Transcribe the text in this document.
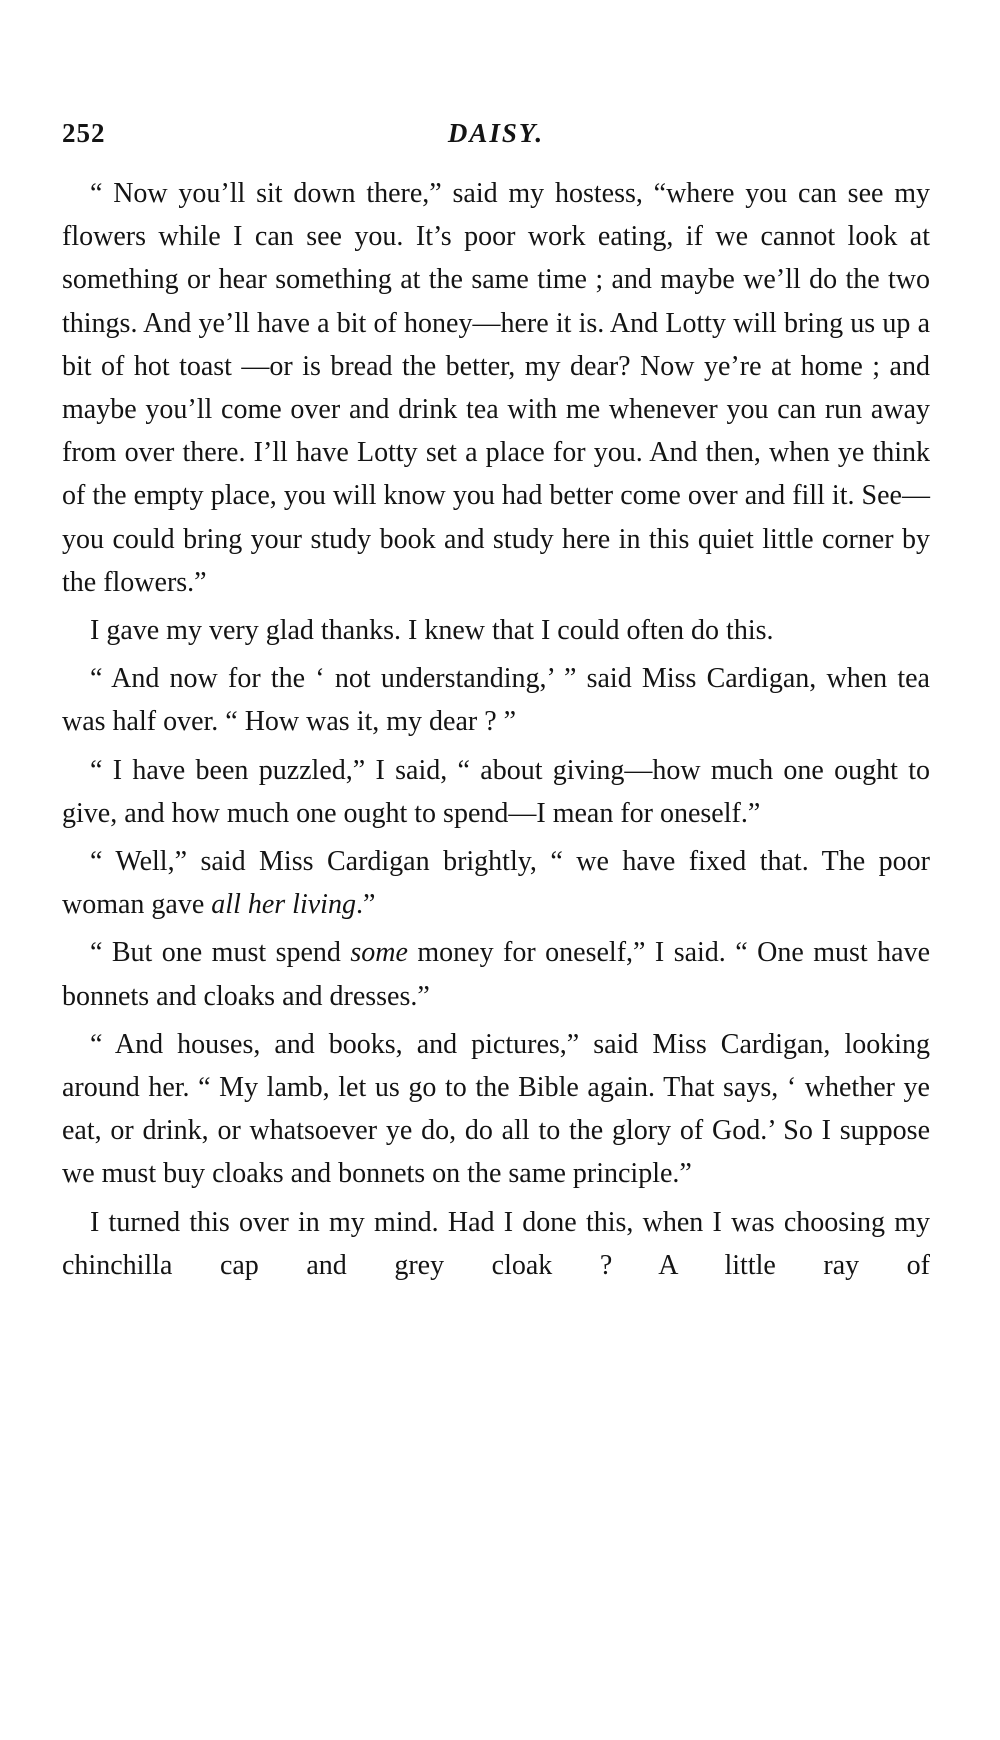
252	DAISY.

“ Now you’ll sit down there,” said my hostess, “where you can see my flowers while I can see you. It’s poor work eating, if we cannot look at something or hear something at the same time ; and maybe we’ll do the two things. And ye’ll have a bit of honey—here it is. And Lotty will bring us up a bit of hot toast —or is bread the better, my dear? Now ye’re at home ; and maybe you’ll come over and drink tea with me whenever you can run away from over there. I’ll have Lotty set a place for you. And then, when ye think of the empty place, you will know you had better come over and fill it. See—you could bring your study book and study here in this quiet little corner by the flowers.”

I gave my very glad thanks. I knew that I could often do this.

“ And now for the ‘ not understanding,’ ” said Miss Cardigan, when tea was half over. “ How was it, my dear ? ”

“ I have been puzzled,” I said, “ about giving—how much one ought to give, and how much one ought to spend—I mean for oneself.”

“ Well,” said Miss Cardigan brightly, “ we have fixed that. The poor woman gave all her living.”

“ But one must spend some money for oneself,” I said. “ One must have bonnets and cloaks and dresses.”

“ And houses, and books, and pictures,” said Miss Cardigan, looking around her. “ My lamb, let us go to the Bible again. That says, ‘ whether ye eat, or drink, or whatsoever ye do, do all to the glory of God.’ So I suppose we must buy cloaks and bonnets on the same principle.”

I turned this over in my mind. Had I done this, when I was choosing my chinchilla cap and grey cloak ? A little ray of
